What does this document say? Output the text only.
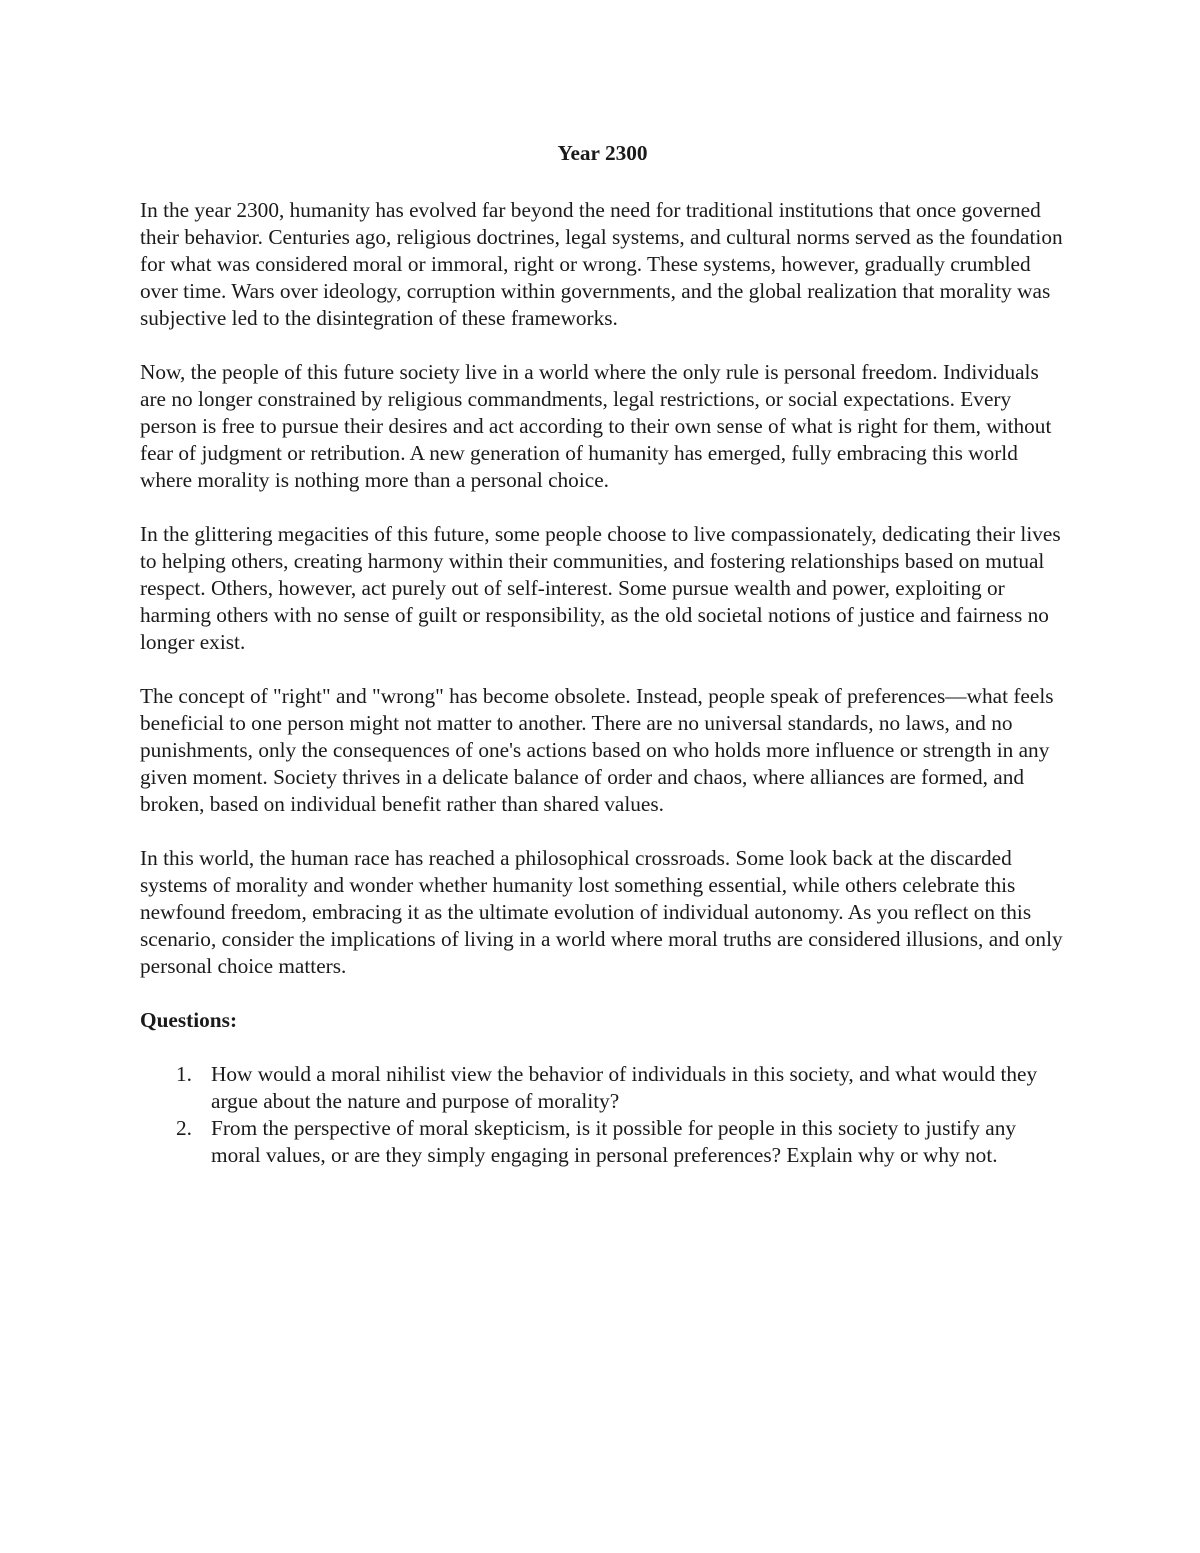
Year 2300

In the year 2300, humanity has evolved far beyond the need for traditional institutions that once governed their behavior. Centuries ago, religious doctrines, legal systems, and cultural norms served as the foundation for what was considered moral or immoral, right or wrong. These systems, however, gradually crumbled over time. Wars over ideology, corruption within governments, and the global realization that morality was subjective led to the disintegration of these frameworks.

Now, the people of this future society live in a world where the only rule is personal freedom. Individuals are no longer constrained by religious commandments, legal restrictions, or social expectations. Every person is free to pursue their desires and act according to their own sense of what is right for them, without fear of judgment or retribution. A new generation of humanity has emerged, fully embracing this world where morality is nothing more than a personal choice.

In the glittering megacities of this future, some people choose to live compassionately, dedicating their lives to helping others, creating harmony within their communities, and fostering relationships based on mutual respect. Others, however, act purely out of self-interest. Some pursue wealth and power, exploiting or harming others with no sense of guilt or responsibility, as the old societal notions of justice and fairness no longer exist.

The concept of "right" and "wrong" has become obsolete. Instead, people speak of preferences—what feels beneficial to one person might not matter to another. There are no universal standards, no laws, and no punishments, only the consequences of one's actions based on who holds more influence or strength in any given moment. Society thrives in a delicate balance of order and chaos, where alliances are formed, and broken, based on individual benefit rather than shared values.

In this world, the human race has reached a philosophical crossroads. Some look back at the discarded systems of morality and wonder whether humanity lost something essential, while others celebrate this newfound freedom, embracing it as the ultimate evolution of individual autonomy. As you reflect on this scenario, consider the implications of living in a world where moral truths are considered illusions, and only personal choice matters.

Questions:
1. How would a moral nihilist view the behavior of individuals in this society, and what would they argue about the nature and purpose of morality?
2. From the perspective of moral skepticism, is it possible for people in this society to justify any moral values, or are they simply engaging in personal preferences? Explain why or why not.
